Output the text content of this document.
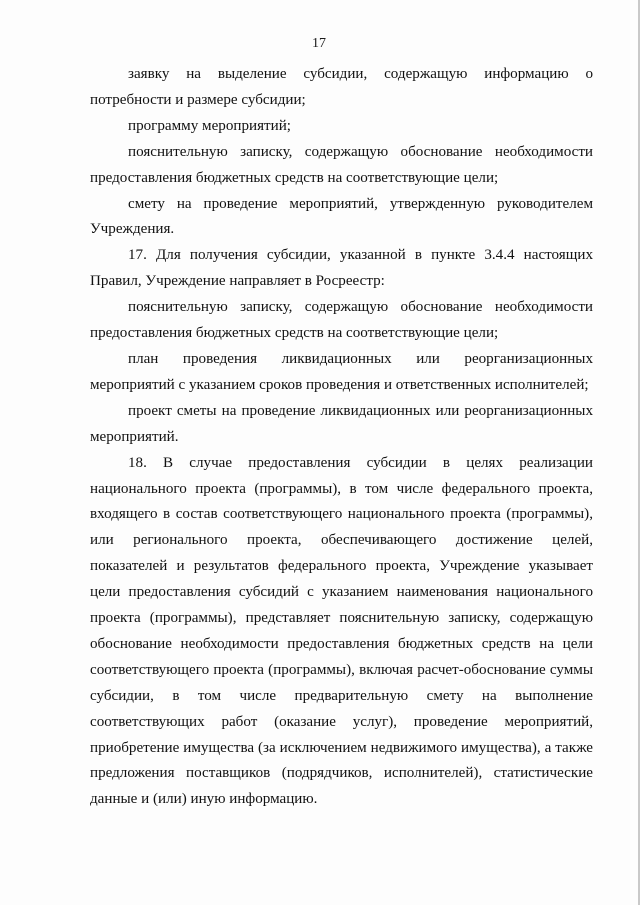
17

заявку на выделение субсидии, содержащую информацию о потребности и размере субсидии;

программу мероприятий;

пояснительную записку, содержащую обоснование необходимости предоставления бюджетных средств на соответствующие цели;

смету на проведение мероприятий, утвержденную руководителем Учреждения.

17. Для получения субсидии, указанной в пункте 3.4.4 настоящих Правил, Учреждение направляет в Росреестр:

пояснительную записку, содержащую обоснование необходимости предоставления бюджетных средств на соответствующие цели;

план проведения ликвидационных или реорганизационных мероприятий с указанием сроков проведения и ответственных исполнителей;

проект сметы на проведение ликвидационных или реорганизационных мероприятий.

18. В случае предоставления субсидии в целях реализации национального проекта (программы), в том числе федерального проекта, входящего в состав соответствующего национального проекта (программы), или регионального проекта, обеспечивающего достижение целей, показателей и результатов федерального проекта, Учреждение указывает цели предоставления субсидий с указанием наименования национального проекта (программы), представляет пояснительную записку, содержащую обоснование необходимости предоставления бюджетных средств на цели соответствующего проекта (программы), включая расчет-обоснование суммы субсидии, в том числе предварительную смету на выполнение соответствующих работ (оказание услуг), проведение мероприятий, приобретение имущества (за исключением недвижимого имущества), а также предложения поставщиков (подрядчиков, исполнителей), статистические данные и (или) иную информацию.
